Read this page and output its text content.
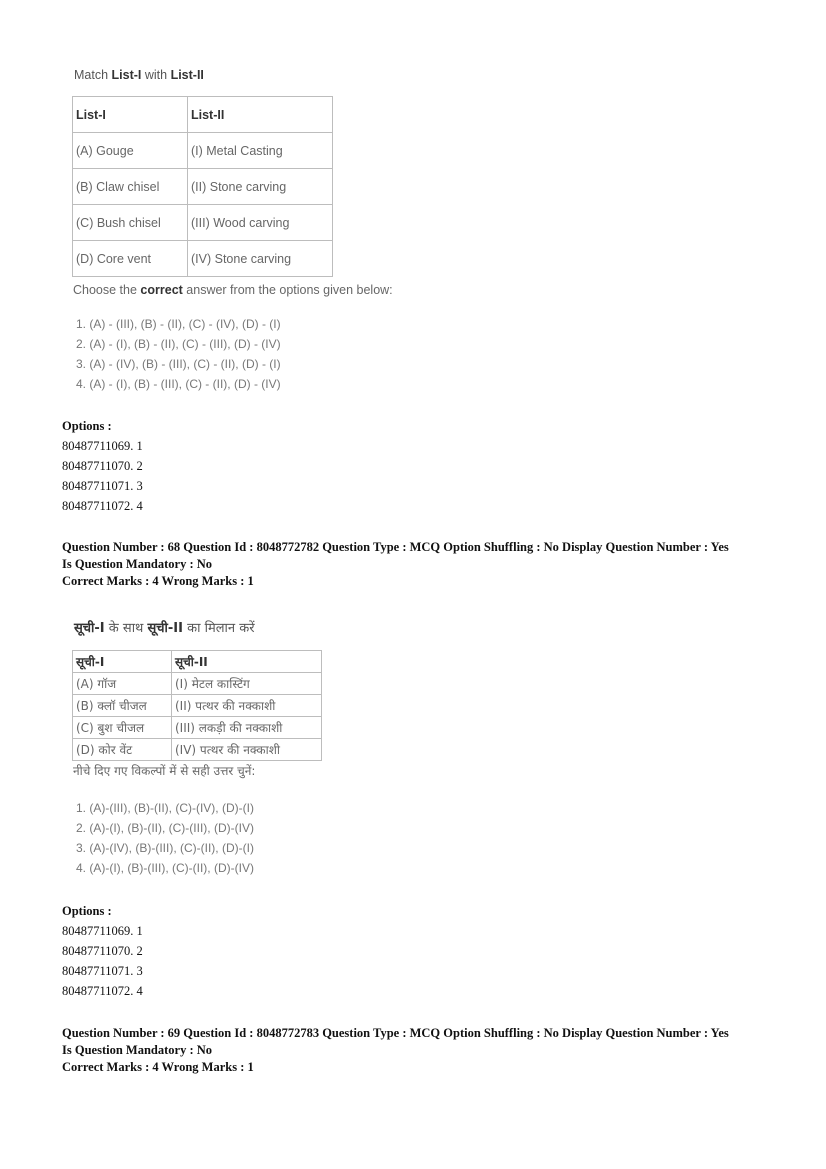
Match List-I with List-II
List-I	List-II
(A) Gouge	(I) Metal Casting
(B) Claw chisel	(II) Stone carving
(C) Bush chisel	(III) Wood carving
(D) Core vent	(IV) Stone carving
Choose the correct answer from the options given below:
1. (A) - (III), (B) - (II), (C) - (IV), (D) - (I)
2. (A) - (I), (B) - (II), (C) - (III), (D) - (IV)
3. (A) - (IV), (B) - (III), (C) - (II), (D) - (I)
4. (A) - (I), (B) - (III), (C) - (II), (D) - (IV)
Options :
80487711069. 1
80487711070. 2
80487711071. 3
80487711072. 4
Question Number : 68 Question Id : 8048772782 Question Type : MCQ Option Shuffling : No Display Question Number : Yes
Is Question Mandatory : No
Correct Marks : 4 Wrong Marks : 1
सूची-I के साथ सूची-II का मिलान करें
सूची-I	सूची-II
(A) गॉज	(I) मेटल कास्टिंग
(B) क्लॉ चीजल	(II) पत्थर की नक्काशी
(C) बुश चीजल	(III) लकड़ी की नक्काशी
(D) कोर वेंट	(IV) पत्थर की नक्काशी
नीचे दिए गए विकल्पों में से सही उत्तर चुनें:
1. (A)-(III), (B)-(II), (C)-(IV), (D)-(I)
2. (A)-(I), (B)-(II), (C)-(III), (D)-(IV)
3. (A)-(IV), (B)-(III), (C)-(II), (D)-(I)
4. (A)-(I), (B)-(III), (C)-(II), (D)-(IV)
Options :
80487711069. 1
80487711070. 2
80487711071. 3
80487711072. 4
Question Number : 69 Question Id : 8048772783 Question Type : MCQ Option Shuffling : No Display Question Number : Yes
Is Question Mandatory : No
Correct Marks : 4 Wrong Marks : 1
